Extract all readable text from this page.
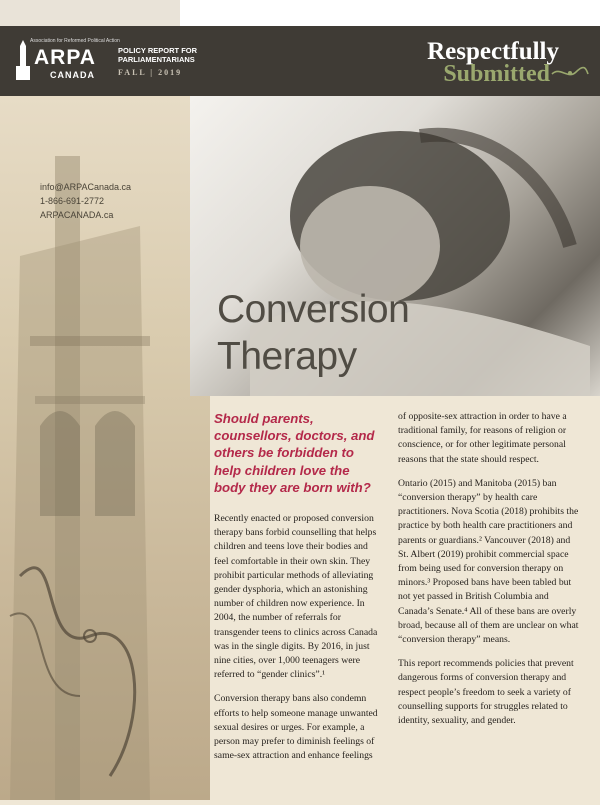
Association for Reformed Political Action
ARPA
CANADA
POLICY REPORT FOR PARLIAMENTARIANS
FALL | 2019
Respectfully
Submitted
info@ARPACanada.ca
1-866-691-2772
ARPACANADA.ca
Conversion
Therapy
Should parents, counsellors, doctors, and others be forbidden to help children love the body they are born with?

Recently enacted or proposed conversion therapy bans forbid counselling that helps children and teens love their bodies and feel comfortable in their own skin. They prohibit particular methods of alleviating gender dysphoria, which an astonishing number of children now experience. In 2004, the number of referrals for transgender teens to clinics across Canada was in the single digits. By 2016, in just nine cities, over 1,000 teenagers were referred to “gender clinics”.¹

Conversion therapy bans also condemn efforts to help someone manage unwanted sexual desires or urges. For example, a person may prefer to diminish feelings of same-sex attraction and enhance feelings

of opposite-sex attraction in order to have a traditional family, for reasons of religion or conscience, or for other legitimate personal reasons that the state should respect.

Ontario (2015) and Manitoba (2015) ban “conversion therapy” by health care practitioners. Nova Scotia (2018) prohibits the practice by both health care practitioners and parents or guardians.² Vancouver (2018) and St. Albert (2019) prohibit commercial space from being used for conversion therapy on minors.³ Proposed bans have been tabled but not yet passed in British Columbia and Canada’s Senate.⁴ All of these bans are overly broad, because all of them are unclear on what “conversion therapy” means.

This report recommends policies that prevent dangerous forms of conversion therapy and respect people’s freedom to seek a variety of counselling supports for struggles related to identity, sexuality, and gender.
